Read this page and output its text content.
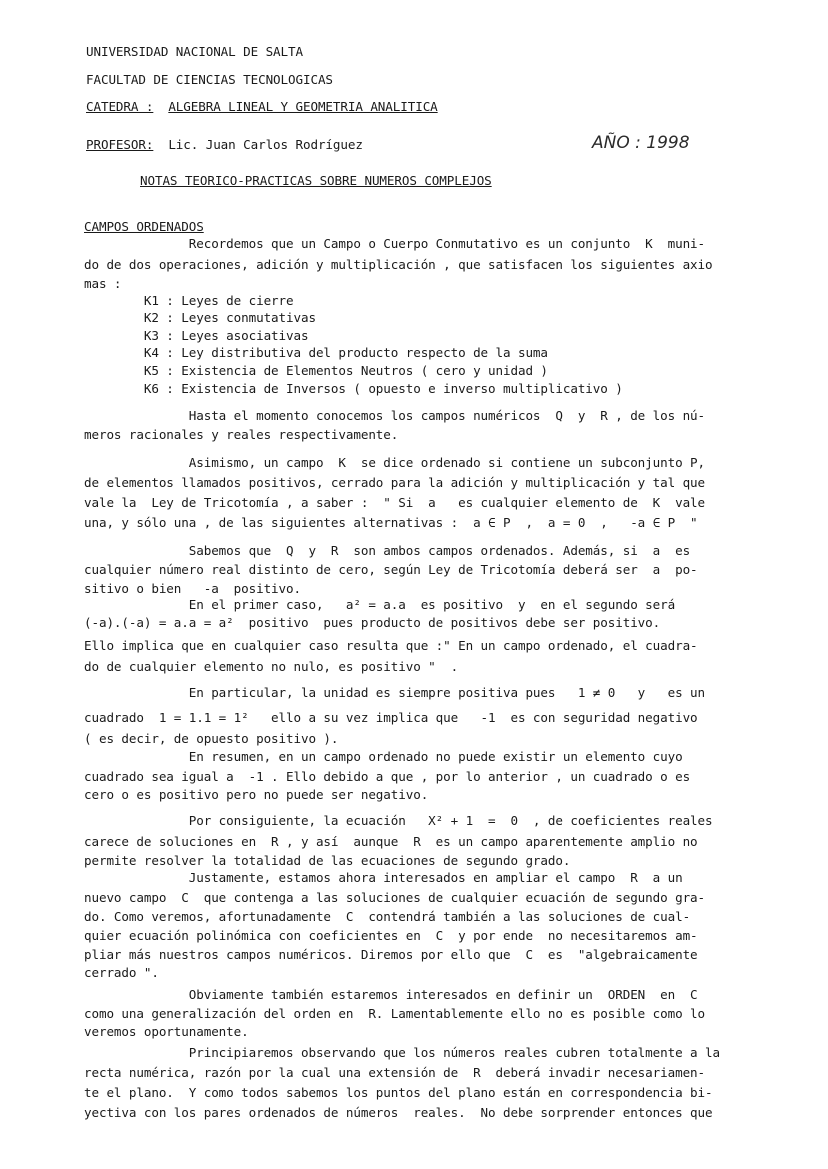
UNIVERSIDAD NACIONAL DE SALTA
FACULTAD DE CIENCIAS TECNOLOGICAS
CATEDRA : ALGEBRA LINEAL Y GEOMETRIA ANALITICA
PROFESOR: Lic. Juan Carlos Rodríguez	AÑO : 1998
NOTAS TEORICO-PRACTICAS SOBRE NUMEROS COMPLEJOS
CAMPOS ORDENADOS
Recordemos que un Campo o Cuerpo Conmutativo es un conjunto  K  muni-
do de dos operaciones, adición y multiplicación , que satisfacen los siguientes axio
mas :
K1 : Leyes de cierre
K2 : Leyes conmutativas
K3 : Leyes asociativas
K4 : Ley distributiva del producto respecto de la suma
K5 : Existencia de Elementos Neutros ( cero y unidad )
K6 : Existencia de Inversos ( opuesto e inverso multiplicativo )
Hasta el momento conocemos los campos numéricos  Q  y  R , de los nú-
meros racionales y reales respectivamente.
Asimismo, un campo  K  se dice ordenado si contiene un subconjunto P,
de elementos llamados positivos, cerrado para la adición y multiplicación y tal que
vale la  Ley de Tricotomía , a saber :  " Si  a   es cualquier elemento de  K  vale
una, y sólo una , de las siguientes alternativas :  a ∈ P  ,  a = 0  ,   -a ∈ P  "
Sabemos que  Q  y  R  son ambos campos ordenados. Además, si  a  es
cualquier número real distinto de cero, según Ley de Tricotomía deberá ser  a  po-
sitivo o bien   -a  positivo.
En el primer caso,   a² = a.a  es positivo  y  en el segundo será
(-a).(-a) = a.a = a²  positivo  pues producto de positivos debe ser positivo.
Ello implica que en cualquier caso resulta que :" En un campo ordenado, el cuadra-
do de cualquier elemento no nulo, es positivo "  .
En particular, la unidad es siempre positiva pues   1 ≠ 0   y   es un
cuadrado  1 = 1.1 = 1²   ello a su vez implica que   -1  es con seguridad negativo
( es decir, de opuesto positivo ).
En resumen, en un campo ordenado no puede existir un elemento cuyo
cuadrado sea igual a  -1 . Ello debido a que , por lo anterior , un cuadrado o es
cero o es positivo pero no puede ser negativo.
Por consiguiente, la ecuación   X² + 1  =  0  , de coeficientes reales
carece de soluciones en  R , y así  aunque  R  es un campo aparentemente amplio no
permite resolver la totalidad de las ecuaciones de segundo grado.
Justamente, estamos ahora interesados en ampliar el campo  R  a un
nuevo campo  C  que contenga a las soluciones de cualquier ecuación de segundo gra-
do. Como veremos, afortunadamente  C  contendrá también a las soluciones de cual-
quier ecuación polinómica con coeficientes en  C  y por ende  no necesitaremos am-
pliar más nuestros campos numéricos. Diremos por ello que  C  es  "algebraicamente
cerrado ".
Obviamente también estaremos interesados en definir un  ORDEN  en  C
como una generalización del orden en  R. Lamentablemente ello no es posible como lo
veremos oportunamente.
Principiaremos observando que los números reales cubren totalmente a la
recta numérica, razón por la cual una extensión de  R  deberá invadir necesariamen-
te el plano.  Y como todos sabemos los puntos del plano están en correspondencia bi-
yectiva con los pares ordenados de números  reales.  No debe sorprender entonces que
